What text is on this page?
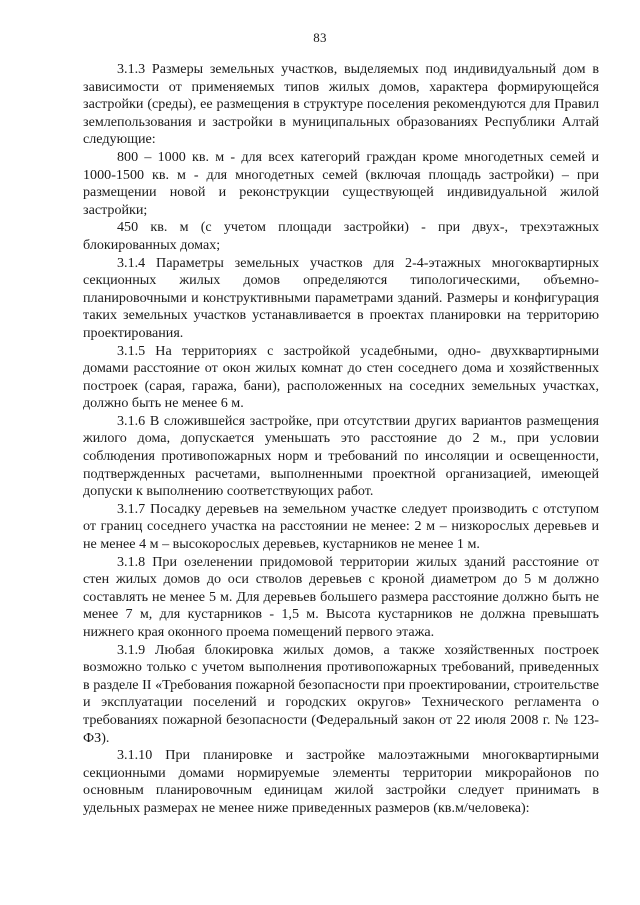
83

3.1.3 Размеры земельных участков, выделяемых под индивидуальный дом в зависимости от применяемых типов жилых домов, характера формирующейся застройки (среды), ее размещения в структуре поселения рекомендуются для Правил землепользования и застройки в муниципальных образованиях Республики Алтай следующие:

800 – 1000 кв. м - для всех категорий граждан кроме многодетных семей и 1000-1500 кв. м - для многодетных семей (включая площадь застройки) – при размещении новой и реконструкции существующей индивидуальной жилой застройки;

450 кв. м (с учетом площади застройки) - при двух-, трехэтажных блокированных домах;

3.1.4 Параметры земельных участков для 2-4-этажных многоквартирных секционных жилых домов определяются типологическими, объемно-планировочными и конструктивными параметрами зданий. Размеры и конфигурация таких земельных участков устанавливается в проектах планировки на территорию проектирования.

3.1.5 На территориях с застройкой усадебными, одно- двухквартирными домами расстояние от окон жилых комнат до стен соседнего дома и хозяйственных построек (сарая, гаража, бани), расположенных на соседних земельных участках, должно быть не менее 6 м.

3.1.6 В сложившейся застройке, при отсутствии других вариантов размещения жилого дома, допускается уменьшать это расстояние до 2 м., при условии соблюдения противопожарных норм и требований по инсоляции и освещенности, подтвержденных расчетами, выполненными проектной организацией, имеющей допуски к выполнению соответствующих работ.

3.1.7 Посадку деревьев на земельном участке следует производить с отступом от границ соседнего участка на расстоянии не менее: 2 м – низкорослых деревьев и не менее 4 м – высокорослых деревьев, кустарников не менее 1 м.

3.1.8 При озеленении придомовой территории жилых зданий расстояние от стен жилых домов до оси стволов деревьев с кроной диаметром до 5 м должно составлять не менее 5 м. Для деревьев большего размера расстояние должно быть не менее 7 м, для кустарников - 1,5 м. Высота кустарников не должна превышать нижнего края оконного проема помещений первого этажа.

3.1.9 Любая блокировка жилых домов, а также хозяйственных построек возможно только с учетом выполнения противопожарных требований, приведенных в разделе II «Требования пожарной безопасности при проектировании, строительстве и эксплуатации поселений и городских округов» Технического регламента о требованиях пожарной безопасности (Федеральный закон от 22 июля 2008 г. № 123-ФЗ).

3.1.10 При планировке и застройке малоэтажными многоквартирными секционными домами нормируемые элементы территории микрорайонов по основным планировочным единицам жилой застройки следует принимать в удельных размерах не менее ниже приведенных размеров (кв.м/человека):
